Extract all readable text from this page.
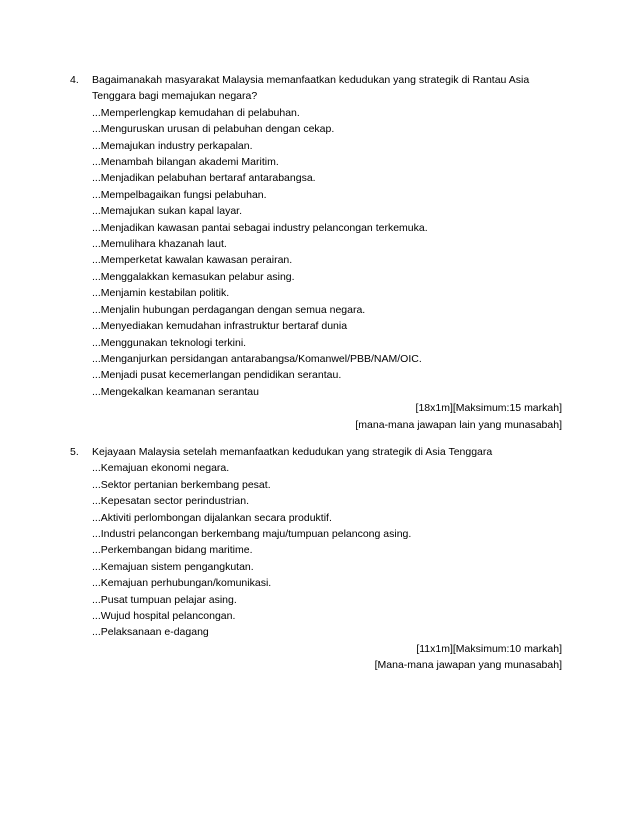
4.	Bagaimanakah masyarakat Malaysia memanfaatkan kedudukan yang strategik di Rantau Asia Tenggara bagi memajukan negara?
...Memperlengkap kemudahan di pelabuhan.
...Menguruskan urusan di pelabuhan dengan cekap.
...Memajukan industry perkapalan.
...Menambah bilangan akademi Maritim.
...Menjadikan pelabuhan bertaraf antarabangsa.
...Mempelbagaikan fungsi pelabuhan.
...Memajukan sukan kapal layar.
...Menjadikan kawasan pantai sebagai industry pelancongan terkemuka.
...Memulihara khazanah laut.
...Memperketat kawalan kawasan perairan.
...Menggalakkan kemasukan pelabur asing.
...Menjamin kestabilan politik.
...Menjalin hubungan perdagangan dengan semua negara.
...Menyediakan kemudahan infrastruktur bertaraf dunia
...Menggunakan teknologi terkini.
...Menganjurkan persidangan antarabangsa/Komanwel/PBB/NAM/OIC.
...Menjadi pusat kecemerlangan pendidikan serantau.
...Mengekalkan keamanan serantau
[18x1m][Maksimum:15 markah]
[mana-mana jawapan lain yang munasabah]
5.	Kejayaan Malaysia setelah memanfaatkan kedudukan yang strategik di Asia Tenggara
...Kemajuan ekonomi negara.
...Sektor pertanian berkembang pesat.
...Kepesatan sector perindustrian.
...Aktiviti perlombongan dijalankan secara produktif.
...Industri pelancongan berkembang maju/tumpuan pelancong asing.
...Perkembangan bidang maritime.
...Kemajuan sistem pengangkutan.
...Kemajuan perhubungan/komunikasi.
...Pusat tumpuan pelajar asing.
...Wujud hospital pelancongan.
...Pelaksanaan e-dagang
[11x1m][Maksimum:10 markah]
[Mana-mana jawapan yang munasabah]
